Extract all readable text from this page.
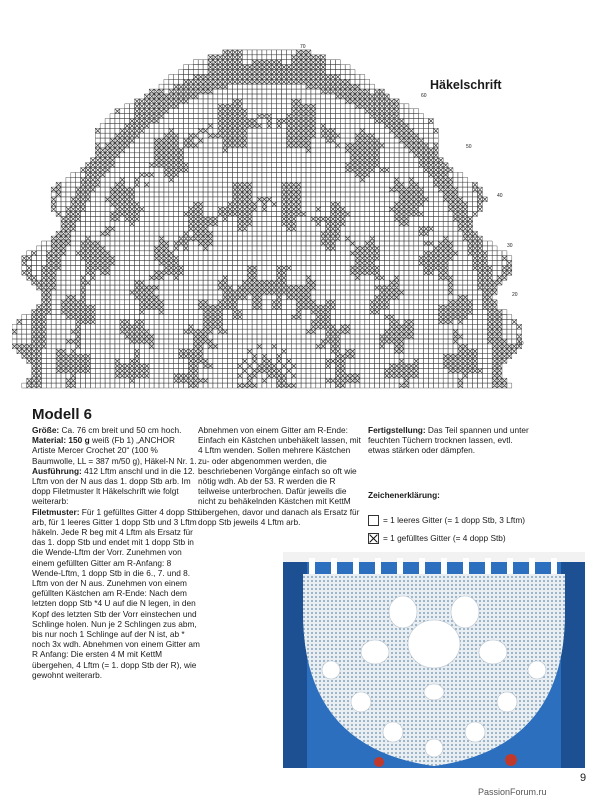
Häkelschrift
70
60
50
40
30
20
10
Modell 6

Größe: Ca. 76 cm breit und 50 cm hoch.

Material: 150 g weiß (Fb 1) „ANCHOR Artiste Mercer Crochet 20“ (100 % Baumwolle, LL = 387 m/50 g), Häkel-N Nr. 1.

Ausführung: 412 Lftm anschl und in die 12. Lftm von der N aus das 1. dopp Stb arb. Im dopp Filetmuster lt Häkelschrift wie folgt weiterarb:

Filetmuster: Für 1 gefülltes Gitter 4 dopp Stb arb, für 1 leeres Gitter 1 dopp Stb und 3 Lftm häkeln. Jede R beg mit 4 Lftm als Ersatz für das 1. dopp Stb und endet mit 1 dopp Stb in die Wende-Lftm der Vorr. Zunehmen von einem gefüllten Gitter am R-Anfang: 8 Wende-Lftm, 1 dopp Stb in die 6., 7. und 8. Lftm von der N aus. Zunehmen von einem gefüllten Kästchen am R-Ende: Nach dem letzten dopp Stb *4 U auf die N legen, in den Kopf des letzten Stb der Vorr einstechen und Schlinge holen. Nun je 2 Schlingen zus abm, bis nur noch 1 Schlinge auf der N ist, ab * noch 3x wdh. Abnehmen von einem Gitter am R Anfang: Die ersten 4 M mit KettM übergehen, 4 Lftm (= 1. dopp Stb der R), wie gewohnt weiterarb.

Abnehmen von einem Gitter am R-Ende: Einfach ein Kästchen unbehäkelt lassen, mit 4 Lftm wenden. Sollen mehrere Kästchen zu- oder abgenommen werden, die beschriebenen Vorgänge einfach so oft wie nötig wdh. Ab der 53. R werden die R teilweise unterbrochen. Dafür jeweils die nicht zu behäkelnden Kästchen mit KettM übergehen, davor und danach als Ersatz für dopp Stb jeweils 4 Lftm arb.

Fertigstellung: Das Teil spannen und unter feuchten Tüchern trocknen lassen, evtl. etwas stärken oder dämpfen.

Zeichenerklärung:
= 1 leeres Gitter (= 1 dopp Stb, 3 Lftm)
= 1 gefülltes Gitter (= 4 dopp Stb)
9
PassionForum.ru
